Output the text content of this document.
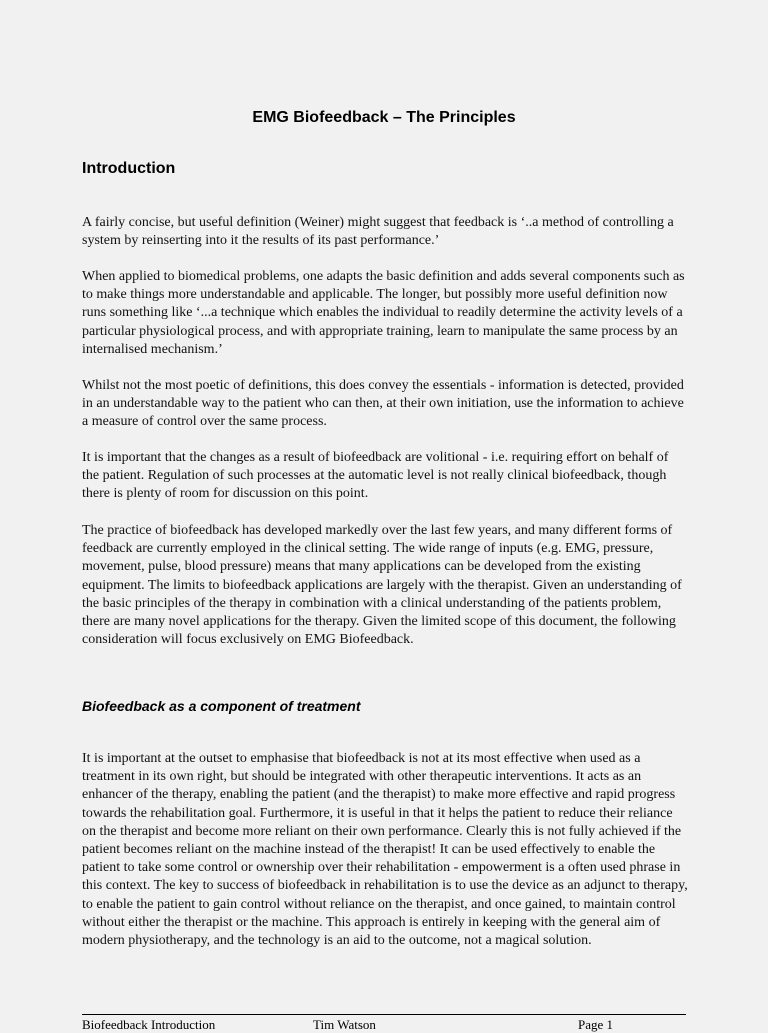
EMG Biofeedback – The Principles
Introduction

A fairly concise, but useful definition (Weiner) might suggest that feedback is ‘..a method of controlling a system by reinserting into it the results of its past performance.’

When applied to biomedical problems, one adapts the basic definition and adds several components such as to make things more understandable and applicable. The longer, but possibly more useful definition now runs something like ‘...a technique which enables the individual to readily determine the activity levels of a particular physiological process, and with appropriate training, learn to manipulate the same process by an internalised mechanism.’

Whilst not the most poetic of definitions, this does convey the essentials - information is detected, provided in an understandable way to the patient who can then, at their own initiation, use the information to achieve a measure of control over the same process.

It is important that the changes as a result of biofeedback are volitional - i.e. requiring effort on behalf of the patient. Regulation of such processes at the automatic level is not really clinical biofeedback, though there is plenty of room for discussion on this point.

The practice of biofeedback has developed markedly over the last few years, and many different forms of feedback are currently employed in the clinical setting. The wide range of inputs (e.g. EMG, pressure, movement, pulse, blood pressure) means that many applications can be developed from the existing equipment. The limits to biofeedback applications are largely with the therapist. Given an understanding of the basic principles of the therapy in combination with a clinical understanding of the patients problem, there are many novel applications for the therapy. Given the limited scope of this document, the following consideration will focus exclusively on EMG Biofeedback.

Biofeedback as a component of treatment

It is important at the outset to emphasise that biofeedback is not at its most effective when used as a treatment in its own right, but should be integrated with other therapeutic interventions. It acts as an enhancer of the therapy, enabling the patient (and the therapist) to make more effective and rapid progress towards the rehabilitation goal. Furthermore, it is useful in that it helps the patient to reduce their reliance on the therapist and become more reliant on their own performance. Clearly this is not fully achieved if the patient becomes reliant on the machine instead of the therapist! It can be used effectively to enable the patient to take some control or ownership over their rehabilitation - empowerment is a often used phrase in this context. The key to success of biofeedback in rehabilitation is to use the device as an adjunct to therapy, to enable the patient to gain control without reliance on the therapist, and once gained, to maintain control without either the therapist or the machine. This approach is entirely in keeping with the general aim of modern physiotherapy, and the technology is an aid to the outcome, not a magical solution.

Biofeedback Introduction	Tim Watson	Page 1
